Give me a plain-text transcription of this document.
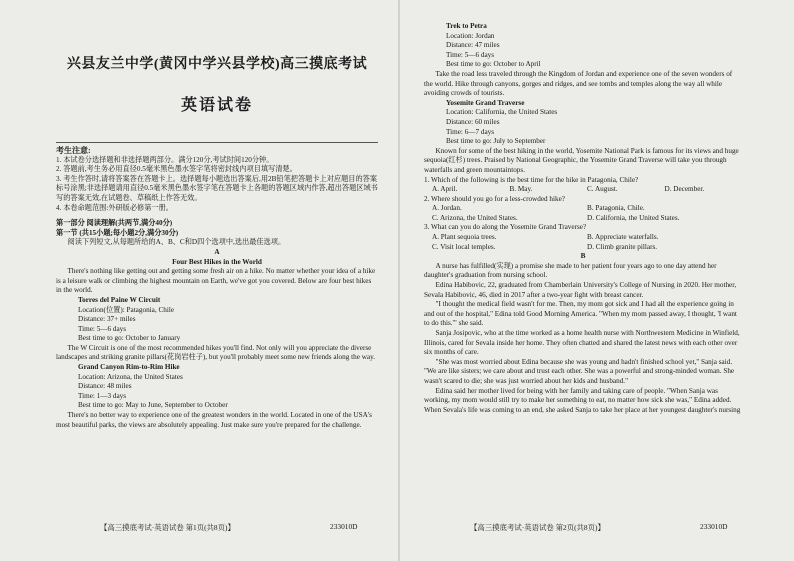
兴县友兰中学(黄冈中学兴县学校)高三摸底考试
英语试卷
考生注意:

1. 本试卷分选择题和非选择题两部分。满分120分,考试时间120分钟。

2. 答题前,考生务必用直径0.5毫米黑色墨水签字笔将密封线内项目填写清楚。

3. 考生作答时,请将答案答在答题卡上。选择题每小题选出答案后,用2B铅笔把答题卡上对应题目的答案标号涂黑;非选择题请用直径0.5毫米黑色墨水签字笔在答题卡上各题的答题区域内作答,超出答题区域书写的答案无效,在试题卷、草稿纸上作答无效。

4. 本卷命题范围:外研版必修第一册。

第一部分 阅读理解(共两节,满分40分)

第一节 (共15小题;每小题2分,满分30分)

阅读下列短文,从每题所给的A、B、C和D四个选项中,选出最佳选项。

A

Four Best Hikes in the World

There's nothing like getting out and getting some fresh air on a hike. No matter whether your idea of a hike is a leisure walk or climbing the highest mountain on Earth, we've got you covered. Below are four best hikes in the world.

Torres del Paine W Circuit

Location(位置): Patagonia, Chile

Distance: 37+ miles

Time: 5—6 days

Best time to go: October to January

The W Circuit is one of the most recommended hikes you'll find. Not only will you appreciate the diverse landscapes and striking granite pillars(花岗岩柱子), but you'll probably meet some new friends along the way.

Grand Canyon Rim-to-Rim Hike

Location: Arizona, the United States

Distance: 48 miles

Time: 1—3 days

Best time to go: May to June, September to October

There's no better way to experience one of the greatest wonders in the world. Located in one of the USA's most beautiful parks, the views are absolutely appealing. Just make sure you're prepared for the challenge.

【高三摸底考试·英语试卷 第1页(共8页)】	233010D

Trek to Petra

Location: Jordan

Distance: 47 miles

Time: 5—6 days

Best time to go: October to April

Take the road less traveled through the Kingdom of Jordan and experience one of the seven wonders of the world. Hike through canyons, gorges and ridges, and see tombs and temples along the way all while avoiding crowds of tourists.

Yosemite Grand Traverse

Location: California, the United States

Distance: 60 miles

Time: 6—7 days

Best time to go: July to September

Known for some of the best hiking in the world, Yosemite National Park is famous for its views and huge sequoia(红杉) trees. Praised by National Geographic, the Yosemite Grand Traverse will take you through waterfalls and green mountaintops.

1. Which of the following is the best time for the hike in Patagonia, Chile?

A. April.	B. May.	C. August.	D. December.

2. Where should you go for a less-crowded hike?

A. Jordan.	B. Patagonia, Chile.
C. Arizona, the United States.	D. California, the United States.

3. What can you do along the Yosemite Grand Traverse?

A. Plant sequoia trees.	B. Appreciate waterfalls.
C. Visit local temples.	D. Climb granite pillars.

B

A nurse has fulfilled(实现) a promise she made to her patient four years ago to one day attend her daughter's graduation from nursing school.

Edina Habibovic, 22, graduated from Chamberlain University's College of Nursing in 2020. Her mother, Sevala Habibovic, 46, died in 2017 after a two-year fight with breast cancer.

"I thought the medical field wasn't for me. Then, my mom got sick and I had all the experience going in and out of the hospital," Edina told Good Morning America. "When my mom passed away, I thought, 'I want to do this.'" she said.

Sanja Josipovic, who at the time worked as a home health nurse with Northwestern Medicine in Winfield, Illinois, cared for Sevala inside her home. They often chatted and shared the latest news with each other over six months of care.

"She was most worried about Edina because she was young and hadn't finished school yet," Sanja said. "We are like sisters; we care about and trust each other. She was a powerful and strong-minded woman. She wasn't scared to die; she was just worried about her kids and husband."

Edina said her mother lived for being with her family and taking care of people. "When Sanja was working, my mom would still try to make her something to eat, no matter how sick she was," Edina added. When Sevala's life was coming to an end, she asked Sanja to take her place at her youngest daughter's nursing

【高三摸底考试·英语试卷 第2页(共8页)】	233010D
